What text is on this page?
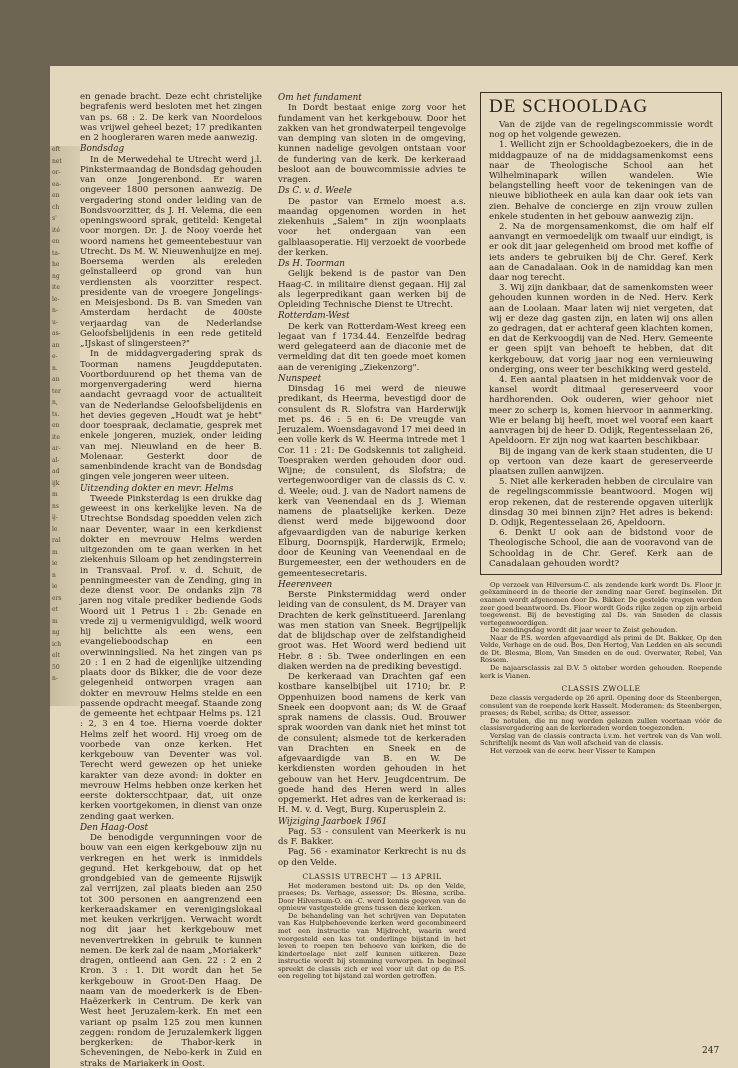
eft
net
or-
ea-
en
ch
s'
ité
en
ta-
he
ng
ite
le-
n-
u-
as-
an
e-
n.
an
ter
n,
ts.
en
ite
ar-
al-
ad
ijk
m
ns
ij-
le
ral
m
ie
n
ie
ers
et
m
ng
ich
elt
50
n-

en genade bracht. Deze echt christelijke begrafenis werd besloten met het zingen van ps. 68 : 2. De kerk van Noordeloos was vrijwel geheel bezet; 17 predikanten en 2 hoogleraren waren mede aanwezig.

Bondsdag

In de Merwedehal te Utrecht werd j.l. Pinkstermaandag de Bondsdag gehouden van onze Jongerenbond. Er waren ongeveer 1800 personen aanwezig. De vergadering stond onder leiding van de Bondsvoorzitter, ds J. H. Velema, die een openingswoord sprak, getiteld: Kengetal voor morgen. Dr. J. de Nooy voerde het woord namens het gemeentebestuur van Utrecht. Ds M. W. Nieuwenhuijze en mej. Boersema werden als ereleden geïnstalleerd op grond van hun verdiensten als voorzitter respect. presidente van de vroegere Jongelings- en Meisjesbond. Ds B. van Smeden van Amsterdam herdacht de 400ste verjaardag van de Nederlandse Geloofsbelijdenis in een rede getiteld „IJskast of slingersteen?"

In de middagvergadering sprak ds Toorman namens Jeugddeputaten. Voortborduurend op het thema van de morgenvergadering werd hierna aandacht gevraagd voor de actualiteit van de Nederlandse Geloofsbelijdenis en het devies gegeven „Houdt wat je hebt" door toespraak, declamatie, gesprek met enkele jongeren, muziek, onder leiding van mej. Nieuwland en de heer B. Molenaar. Gesterkt door de samenbindende kracht van de Bondsdag gingen vele jongeren weer uiteen.

Uitzending dokter en mevr. Helms

Tweede Pinksterdag is een drukke dag geweest in ons kerkelijke leven. Na de Utrechtse Bondsdag spoedden velen zich naar Deventer, waar in een kerkdienst dokter en mevrouw Helms werden uitgezonden om te gaan werken in het ziekenhuis Siloam op het zendingsterrein in Transvaal. Prof. v. d. Schuit, de penningmeester van de Zending, ging in deze dienst voor. De ondanks zijn 78 jaren nog vitale prediker bediende Gods Woord uit 1 Petrus 1 : 2b: Genade en vrede zij u vermenigvuldigd, welk woord hij belichtte als een wens, een evangelieboodschap en een overwinningslied. Na het zingen van ps 20 : 1 en 2 had de eigenlijke uitzending plaats door ds Bikker, die de voor deze gelegenheid ontworpen vragen aan dokter en mevrouw Helms stelde en een passende opdracht meegaf. Staande zong de gemeente het echtpaar Helms ps. 121 : 2, 3 en 4 toe. Hierna voerde dokter Helms zelf het woord. Hij vroeg om de voorbede van onze kerken. Het kerkgebouw van Deventer was vol. Terecht werd gewezen op het unieke karakter van deze avond: in dokter en mevrouw Helms hebben onze kerken het eerste dokterscchtpaar, dat, uit onze kerken voortgekomen, in dienst van onze zending gaat werken.

Den Haag-Oost

De benodigde vergunningen voor de bouw van een eigen kerkgebouw zijn nu verkregen en het werk is inmiddels gegund. Het kerkgebouw, dat op het grondgebied van de gemeente Rijswijk zal verrijzen, zal plaats bieden aan 250 tot 300 personen en aangrenzend een kerkeraadskamer en verenigingslokaal met keuken verkrijgen. Verwacht wordt nog dit jaar het kerkgebouw met nevenvertrekken in gebruik te kunnen nemen. De kerk zal de naam „Moriakerk" dragen, ontleend aan Gen. 22 : 2 en 2 Kron. 3 : 1. Dit wordt dan het 5e kerkgebouw in Groot-Den Haag. De naam van de moederkerk is de Eben-Haëzerkerk in Centrum. De kerk van West heet Jeruzalem-kerk. En met een variant op psalm 125 zou men kunnen zeggen: rondom de Jeruzalemkerk liggen bergkerken: de Thabor-kerk in Scheveningen, de Nebo-kerk in Zuid en straks de Mariakerk in Oost.

Om het fundament

In Dordt bestaat enige zorg voor het fundament van het kerkgebouw. Door het zakken van het grondwaterpeil tengevolge van demping van sloten in de omgeving, kunnen nadelige gevolgen ontstaan voor de fundering van de kerk. De kerkeraad besloot aan de bouwcommissie advies te vragen.

Ds C. v. d. Weele

De pastor van Ermelo moest a.s. maandag opgenomen worden in het ziekenhuis „Salem" in zijn woonplaats voor het ondergaan van een galblaasoperatie. Hij verzoekt de voorbede der kerken.

Ds H. Toorman

Gelijk bekend is de pastor van Den Haag-C. in militaire dienst gegaan. Hij zal als legerpredikant gaan werken bij de Opleiding Technische Dienst te Utrecht.

Rotterdam-West

De kerk van Rotterdam-West kreeg een legaat van f 1734.44. Eenzelfde bedrag werd gelegateerd aan de diaconie met de vermelding dat dit ten goede moet komen aan de vereniging „Ziekenzorg".

Nunspeet

Dinsdag 16 mei werd de nieuwe predikant, ds Heerma, bevestigd door de consulent ds R. Slofstra van Harderwijk met ps. 46 : 5 en 6: De vreugde van Jeruzalem. Woensdagavond 17 mei deed in een volle kerk ds W. Heerma intrede met 1 Cor. 11 : 21: De Godskennis tot zaligheid. Toespraken werden gehouden door oud. Wijne; de consulent, ds Slofstra; de vertegenwoordiger van de classis ds C. v. d. Weele; oud. J. van de Nadort namens de kerk van Veenendaal en ds J. Wieman namens de plaatselijke kerken. Deze dienst werd mede bijgewoond door afgevaardigden van de naburige kerken Elburg, Doornspijk, Harderwijk, Ermelo; door de Keuning van Veenendaal en de Burgemeester, een der wethouders en de gemeentesecretaris.

Heerenveen

Berste Pinkstermiddag werd onder leiding van de consulent, ds M. Drayer van Drachten de kerk geïnstitueerd. Jarenlang was men station van Sneek. Begrijpelijk dat de blijdschap over de zelfstandigheid groot was. Het Woord werd bediend uit Hebr. 8 : 5b. Twee onderlingen en een diaken werden na de prediking bevestigd.

De kerkeraad van Drachten gaf een kostbare kanselbijbel uit 1710; br. P. Oppenhuizen bood namens de kerk van Sneek een doopvont aan; ds W. de Graaf sprak namens de classis. Oud. Brouwer sprak woorden van dank niet het minst tot de consulent; alsmede tot de kerkeraden van Drachten en Sneek en de afgevaardigde van B. en W. De kerkdiensten worden gehouden in het gebouw van het Herv. Jeugdcentrum. De goede hand des Heren werd in alles opgemerkt. Het adres van de kerkeraad is: H. M. v. d. Vegt, Burg. Kuperusplein 2.

Wijziging Jaarboek 1961

Pag. 53 - consulent van Meerkerk is nu ds F. Bakker.

Pag. 56 - examinator Kerkrecht is nu ds op den Velde.

CLASSIS UTRECHT — 13 APRIL

Het moderamen bestond uit: Ds. op den Velde, praeses; Ds. Verhage, assessor; Ds. Blesma, scriba. Door Hilversum-O. en -C. werd kennis gegeven van de opnieuw vastgestelde grens tussen deze kerken.

De behandeling van het schrijven van Deputaten van Kas Hulpbehoevende kerken werd gecombineerd met een instructie van Mijdrecht, waarin werd voorgesteld een kas tot onderlinge bijstand in het leven te roepen ten behoeve van kerken, die de kindertoelage niet zelf kunnen uitkeren. Deze instructie wordt bij stemming verworpen. In beginsel spreekt de classis zich er wel voor uit dat op de P.S. een regeling tot bijstand zal worden getroffen.

DE SCHOOLDAG

Van de zijde van de regelingscommissie wordt nog op het volgende gewezen.

1. Wellicht zijn er Schooldagbezoekers, die in de middagpauze of na de middagsamenkomst eens naar de Theologische School aan het Wilhelminapark willen wandelen. Wie belangstelling heeft voor de tekeningen van de nieuwe bibliotheek en aula kan daar ook iets van zien. Behalve de concierge en zijn vrouw zullen enkele studenten in het gebouw aanwezig zijn.

2. Na de morgensamenkomst, die om half elf aanvangt en vermoedelijk om twaalf uur eindigt, is er ook dit jaar gelegenheid om brood met koffie of iets anders te gebruiken bij de Chr. Geref. Kerk aan de Canadalaan. Ook in de namiddag kan men daar nog terecht.

3. Wij zijn dankbaar, dat de samenkomsten weer gehouden kunnen worden in de Ned. Herv. Kerk aan de Loolaan. Maar laten wij niet vergeten, dat wij er deze dag gasten zijn, en laten wij ons allen zo gedragen, dat er achteraf geen klachten komen, en dat de Kerkvoogdij van de Ned. Herv. Gemeente er geen spijt van behoeft te hebben, dat dit kerkgebouw, dat vorig jaar nog een vernieuwing onderging, ons weer ter beschikking werd gesteld.

4. Een aantal plaatsen in het middenvak voor de kansel wordt ditmaal gereserveerd voor hardhorenden. Ook ouderen, wier gehoor niet meer zo scherp is, komen hiervoor in aanmerking. Wie er belang bij heeft, moet wel vooraf een kaart aanvragen bij de heer D. Odijk, Regentesselaan 26, Apeldoorn. Er zijn nog wat kaarten beschikbaar.

Bij de ingang van de kerk staan studenten, die U op vertoon van deze kaart de gereserveerde plaatsen zullen aanwijzen.

5. Niet alle kerkeraden hebben de circulaire van de regelingscommissie beantwoord. Mogen wij erop rekenen, dat de resterende opgaven uiterlijk dinsdag 30 mei binnen zijn? Het adres is bekend: D. Odijk, Regentesselaan 26, Apeldoorn.

6. Denkt U ook aan de bidstond voor de Theologische School, die aan de vooravond van de Schooldag in de Chr. Geref. Kerk aan de Canadalaan gehouden wordt?

Op verzoek van Hilversum-C. als zendende kerk wordt Ds. Floor jr. geëxamineerd in de theorie der zending naar Geref. beginselen. Dit examen wordt afgenomen door Ds. Bikker. De gestelde vragen werden zeer goed beantwoord. Ds. Floor wordt Gods rijke zegen op zijn arbeid toegewenst. Bij de bevestiging zal Ds. van Smeden de classis vertegenwoordigen.

De zendingsdag wordt dit jaar weer te Zeist gehouden.

Naar de P.S. worden afgevaardigd als primi de Dt. Bakker, Op den Velde, Verhage en de oud. Bos, Den Hertog, Van Ledden en als secundi de Dt. Blesma, Blom, Van Smeden en de oud. Overwater, Rebel, Van Rossem.

De najaarsclassis zal D.V. 5 oktober worden gehouden. Roepende kerk is Vianen.

CLASSIS ZWOLLE

Deze classis vergaderde op 26 april. Opening door ds Steenbergen, consulent van de roepende kerk Hasselt. Moderamen: ds Steenbergen, praeses; ds Rebel, scriba; ds Otter, assessor.

De notulen, die nu nog worden gelezen zullen voortaan vóór de classisvergadering aan de kerkeraden worden toegezonden.

Verslag van de classis contracta i.v.m. het vertrek van ds Van woll. Schriftelijk neemt ds Van woll afscheid van de classis.

Het verzoek van de eerw. heer Visser te Kampen

247
